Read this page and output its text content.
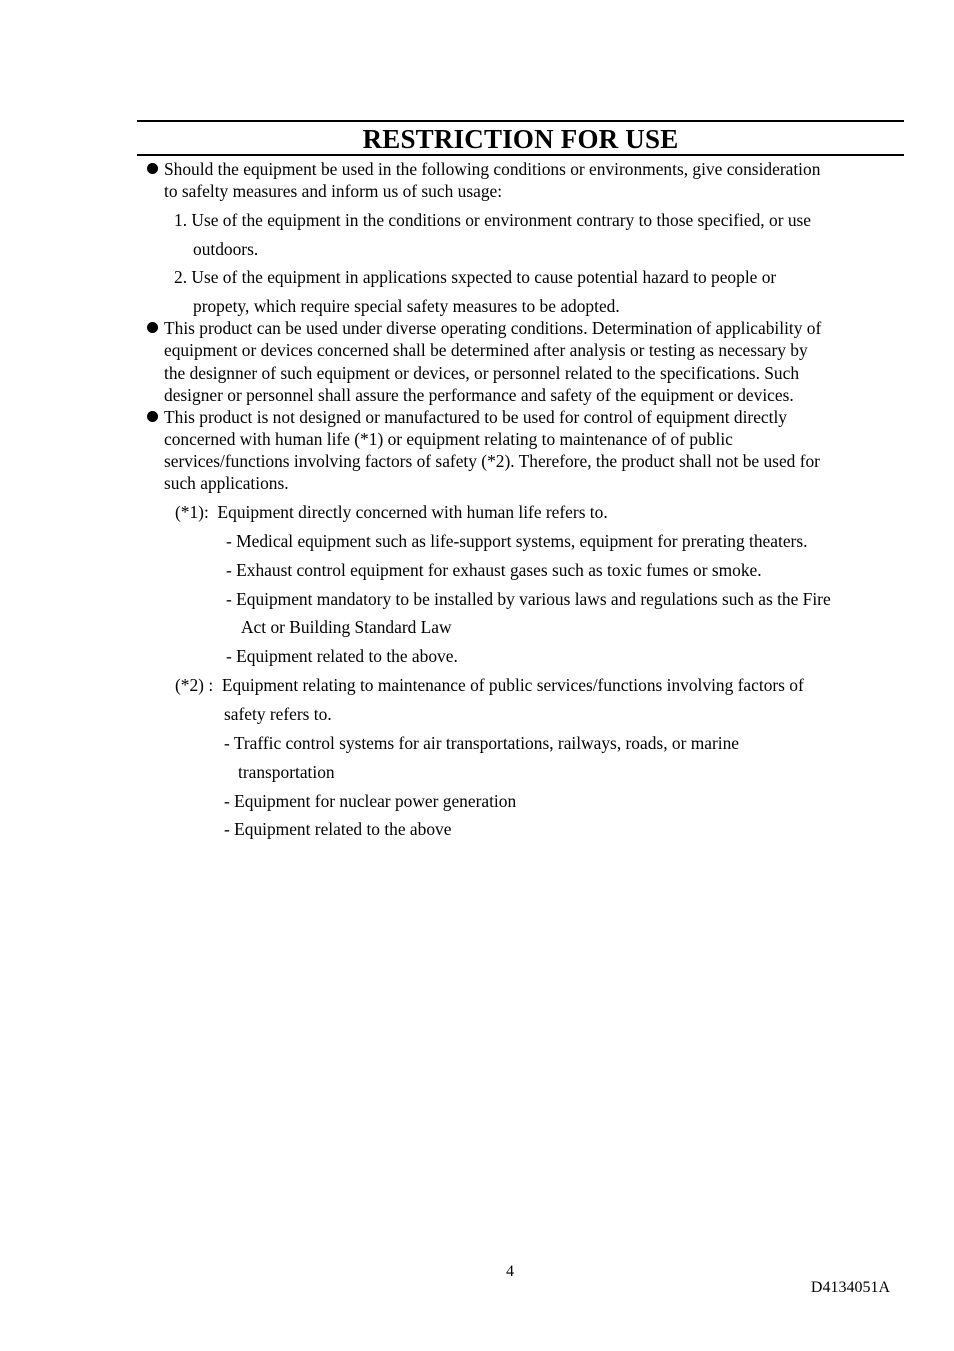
RESTRICTION FOR USE
Should the equipment be used in the following conditions or environments, give consideration
to safelty measures and inform us of such usage:
1. Use of the equipment in the conditions or environment contrary to those specified, or use
outdoors.
2. Use of the equipment in applications sxpected to cause potential hazard to people or
propety, which require special safety measures to be adopted.
This product can be used under diverse operating conditions. Determination of applicability of
equipment or devices concerned shall be determined after analysis or testing as necessary by
the designner of such equipment or devices, or personnel related to the specifications. Such
designer or personnel shall assure the performance and safety of the equipment or devices.
This product is not designed or manufactured to be used for control of equipment directly
concerned with human life (*1) or equipment relating to maintenance of of public
services/functions involving factors of safety (*2). Therefore, the product shall not be used for
such applications.
(*1):  Equipment directly concerned with human life refers to.
- Medical equipment such as life-support systems, equipment for prerating theaters.
- Exhaust control equipment for exhaust gases such as toxic fumes or smoke.
- Equipment mandatory to be installed by various laws and regulations such as the Fire
Act or Building Standard Law
- Equipment related to the above.
(*2) :  Equipment relating to maintenance of public services/functions involving factors of
safety refers to.
- Traffic control systems for air transportations, railways, roads, or marine
transportation
- Equipment for nuclear power generation
- Equipment related to the above
4
D4134051A
